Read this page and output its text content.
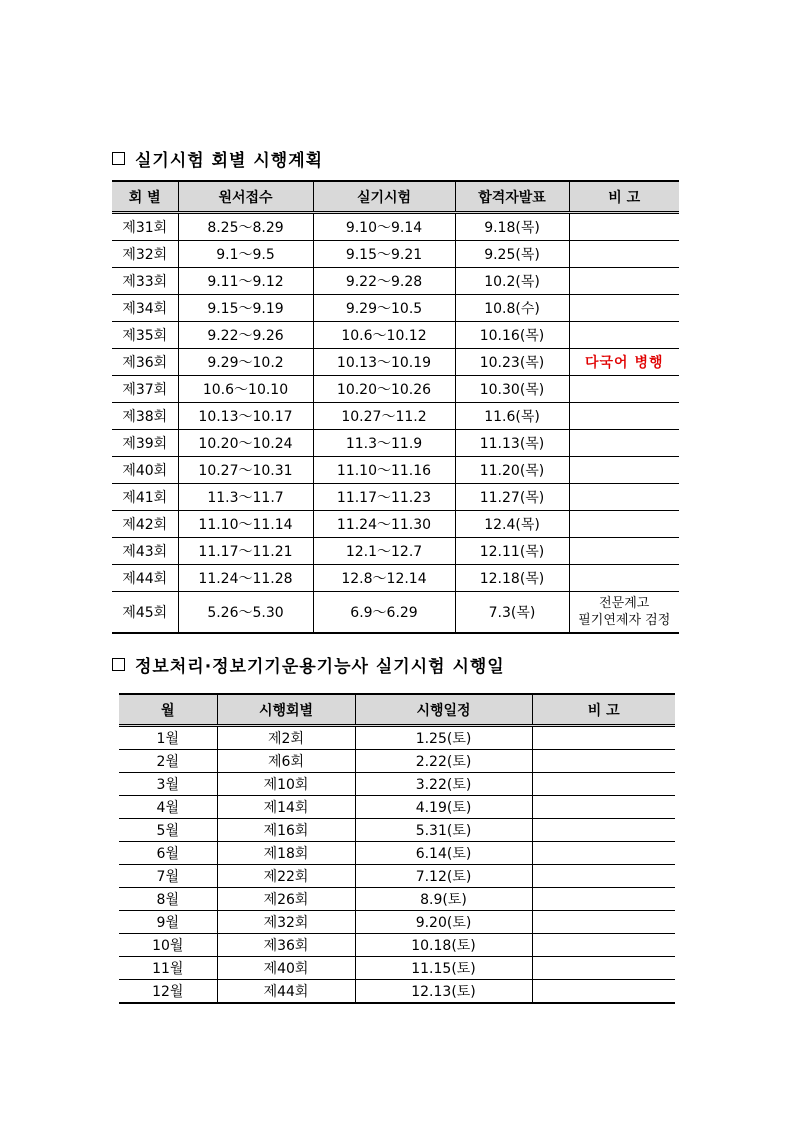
실기시험 회별 시행계획
회 별	원서접수	실기시험	합격자발표	비 고
제31회	8.25～8.29	9.10～9.14	9.18(목)	
제32회	9.1～9.5	9.15～9.21	9.25(목)	
제33회	9.11～9.12	9.22～9.28	10.2(목)	
제34회	9.15～9.19	9.29～10.5	10.8(수)	
제35회	9.22～9.26	10.6～10.12	10.16(목)	
제36회	9.29～10.2	10.13～10.19	10.23(목)	다국어 병행
제37회	10.6～10.10	10.20～10.26	10.30(목)	
제38회	10.13～10.17	10.27～11.2	11.6(목)	
제39회	10.20～10.24	11.3～11.9	11.13(목)	
제40회	10.27～10.31	11.10～11.16	11.20(목)	
제41회	11.3～11.7	11.17～11.23	11.27(목)	
제42회	11.10～11.14	11.24～11.30	12.4(목)	
제43회	11.17～11.21	12.1～12.7	12.11(목)	
제44회	11.24～11.28	12.8～12.14	12.18(목)	
제45회	5.26～5.30	6.9～6.29	7.3(목)	전문계고
필기연제자 검정
정보처리·정보기기운용기능사 실기시험 시행일
월	시행회별	시행일정	비 고
1월	제2회	1.25(토)	
2월	제6회	2.22(토)	
3월	제10회	3.22(토)	
4월	제14회	4.19(토)	
5월	제16회	5.31(토)	
6월	제18회	6.14(토)	
7월	제22회	7.12(토)	
8월	제26회	8.9(토)	
9월	제32회	9.20(토)	
10월	제36회	10.18(토)	
11월	제40회	11.15(토)	
12월	제44회	12.13(토)	
